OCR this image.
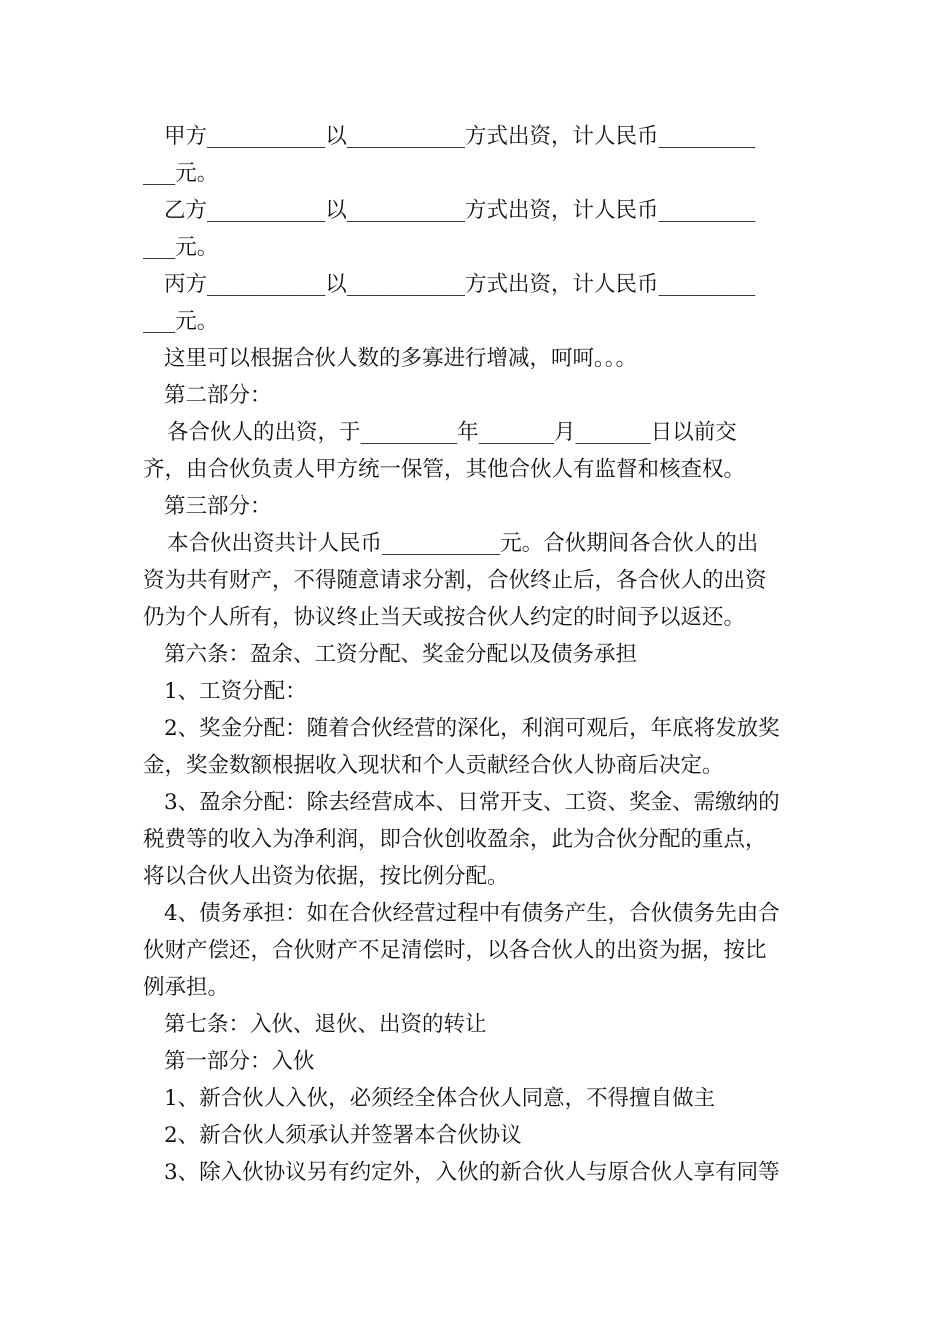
甲方___________以___________方式出资，计人民币_________
___元。
乙方___________以___________方式出资，计人民币_________
___元。
丙方___________以___________方式出资，计人民币_________
___元。
这里可以根据合伙人数的多寡进行增减，呵呵。。。
第二部分：
各合伙人的出资，于_________年_______月_______日以前交
齐，由合伙负责人甲方统一保管，其他合伙人有监督和核查权。
第三部分：
本合伙出资共计人民币___________元。合伙期间各合伙人的出
资为共有财产，不得随意请求分割，合伙终止后，各合伙人的出资
仍为个人所有，协议终止当天或按合伙人约定的时间予以返还。
第六条：盈余、工资分配、奖金分配以及债务承担
1、工资分配：
2、奖金分配：随着合伙经营的深化，利润可观后，年底将发放奖
金，奖金数额根据收入现状和个人贡献经合伙人协商后决定。
3、盈余分配：除去经营成本、日常开支、工资、奖金、需缴纳的
税费等的收入为净利润，即合伙创收盈余，此为合伙分配的重点，
将以合伙人出资为依据，按比例分配。
4、债务承担：如在合伙经营过程中有债务产生，合伙债务先由合
伙财产偿还，合伙财产不足清偿时，以各合伙人的出资为据，按比
例承担。
第七条：入伙、退伙、出资的转让
第一部分：入伙
1、新合伙人入伙，必须经全体合伙人同意，不得擅自做主
2、新合伙人须承认并签署本合伙协议
3、除入伙协议另有约定外，入伙的新合伙人与原合伙人享有同等
